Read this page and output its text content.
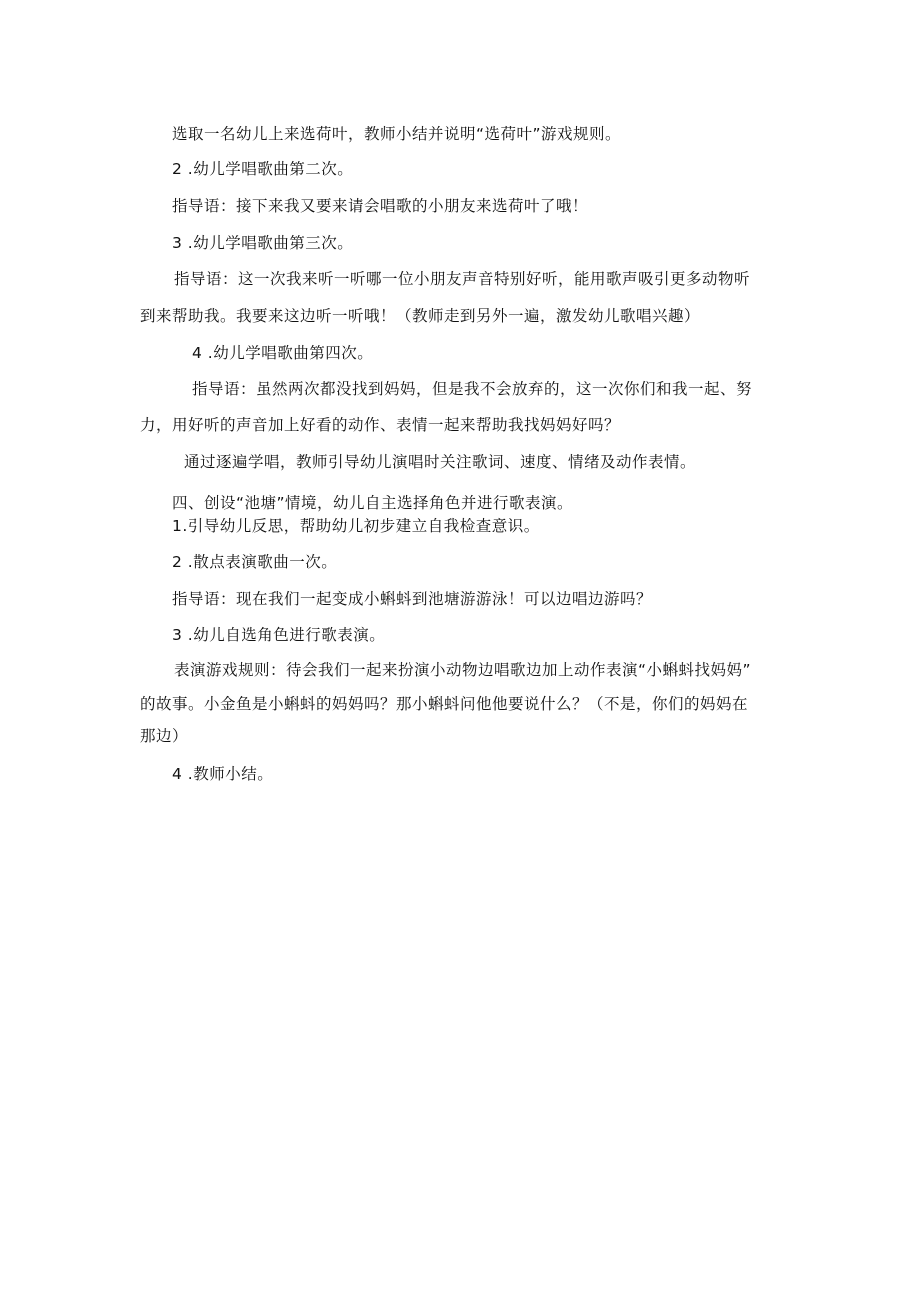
选取一名幼儿上来选荷叶，教师小结并说明“选荷叶”游戏规则。
2 .幼儿学唱歌曲第二次。
指导语：接下来我又要来请会唱歌的小朋友来选荷叶了哦！
3 .幼儿学唱歌曲第三次。
指导语：这一次我来听一听哪一位小朋友声音特别好听，能用歌声吸引更多动物听
到来帮助我。我要来这边听一听哦！（教师走到另外一遍，激发幼儿歌唱兴趣）
4 .幼儿学唱歌曲第四次。
指导语：虽然两次都没找到妈妈，但是我不会放弃的，这一次你们和我一起、努
力，用好听的声音加上好看的动作、表情一起来帮助我找妈妈好吗？
通过逐遍学唱，教师引导幼儿演唱时关注歌词、速度、情绪及动作表情。
四、创设“池塘”情境，幼儿自主选择角色并进行歌表演。
1.引导幼儿反思，帮助幼儿初步建立自我检查意识。
2 .散点表演歌曲一次。
指导语：现在我们一起变成小蝌蚪到池塘游游泳！可以边唱边游吗？
3 .幼儿自选角色进行歌表演。
表演游戏规则：待会我们一起来扮演小动物边唱歌边加上动作表演“小蝌蚪找妈妈”
的故事。小金鱼是小蝌蚪的妈妈吗？那小蝌蚪问他他要说什么？（不是，你们的妈妈在
那边）
4 .教师小结。
